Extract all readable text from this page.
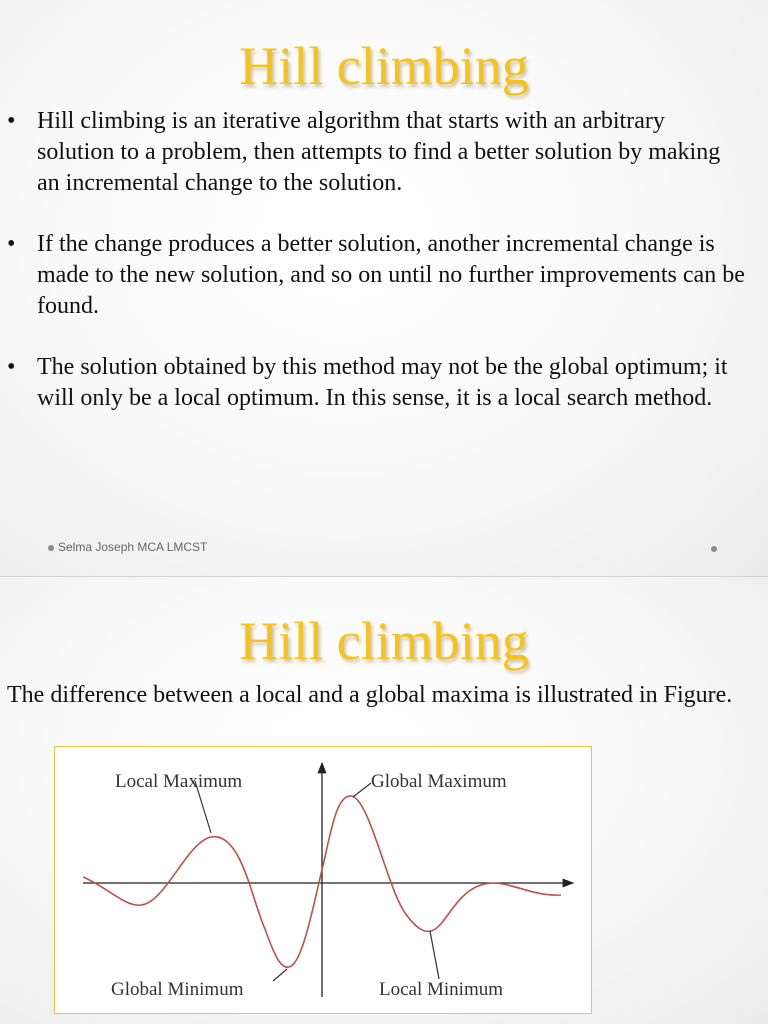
Hill climbing
• Hill climbing is an iterative algorithm that starts with an arbitrary solution to a problem, then attempts to find a better solution by making an incremental change to the solution.
• If the change produces a better solution, another incremental change is made to the new solution, and so on until no further improvements can be found.
• The solution obtained by this method may not be the global optimum; it will only be a local optimum. In this sense, it is a local search method.
Selma Joseph MCA LMCST
Hill climbing

The difference between a local and a global maxima is illustrated in Figure.

Local Maximum	Global Maximum
Global Minimum	Local Minimum
